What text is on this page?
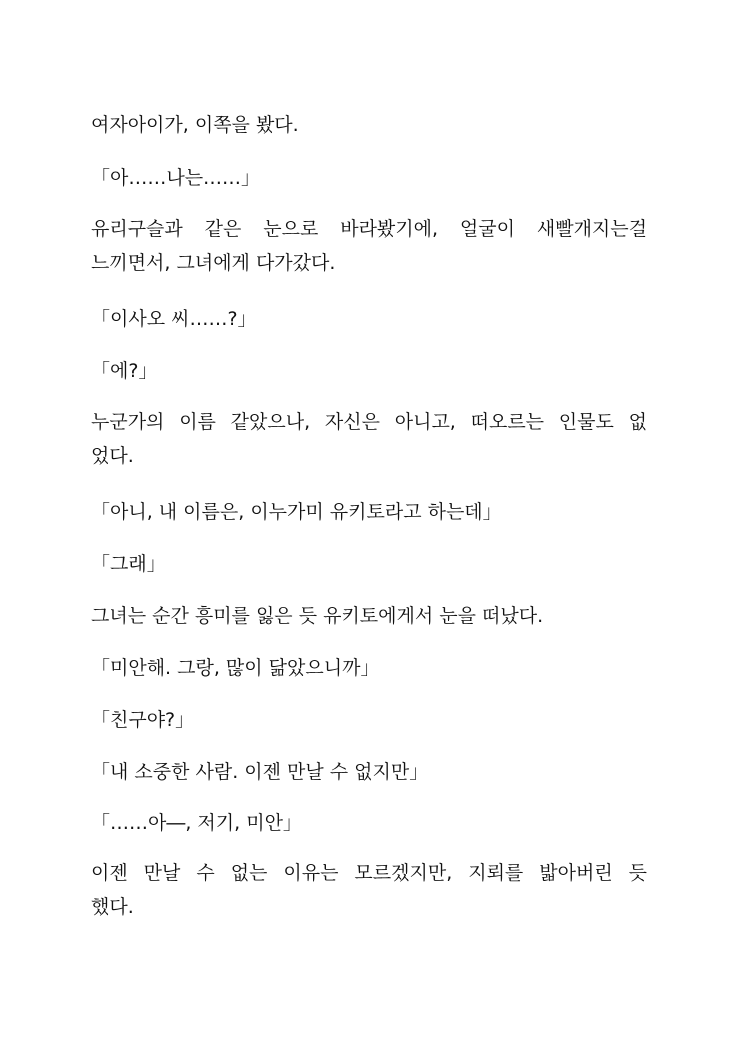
여자아이가, 이쪽을 봤다.

「아……나는……」

유리구슬과 같은 눈으로 바라봤기에, 얼굴이 새빨개지는걸
느끼면서, 그녀에게 다가갔다.

「이사오 씨……?」

「에?」

누군가의 이름 같았으나, 자신은 아니고, 떠오르는 인물도 없
었다.

「아니, 내 이름은, 이누가미 유키토라고 하는데」

「그래」

그녀는 순간 흥미를 잃은 듯 유키토에게서 눈을 떠났다.

「미안해. 그랑, 많이 닮았으니까」

「친구야?」

「내 소중한 사람. 이젠 만날 수 없지만」

「……아―, 저기, 미안」

이젠 만날 수 없는 이유는 모르겠지만, 지뢰를 밟아버린 듯
했다.
